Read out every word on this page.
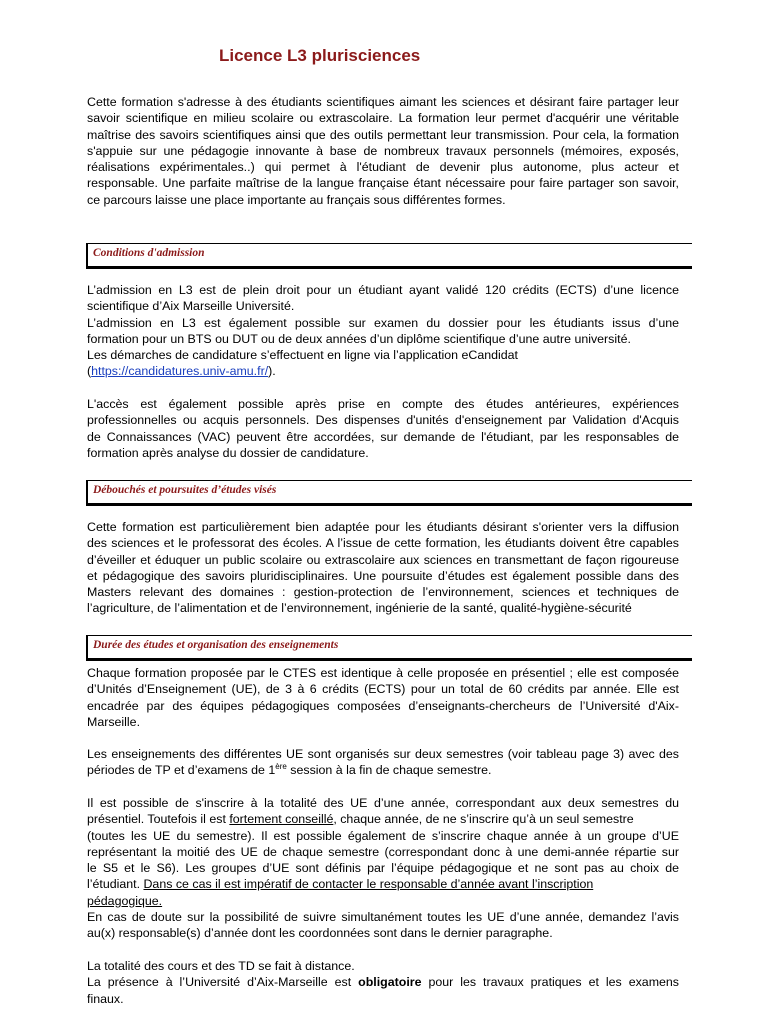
Licence L3 plurisciences

Cette formation s'adresse à des étudiants scientifiques aimant les sciences et désirant faire partager leur
savoir scientifique en milieu scolaire ou extrascolaire. La formation leur permet d'acquérir une véritable
maîtrise des savoirs scientifiques ainsi que des outils permettant leur transmission. Pour cela, la formation
s'appuie sur une pédagogie innovante à base de nombreux travaux personnels (mémoires, exposés,
réalisations expérimentales..) qui permet à l'étudiant de devenir plus autonome, plus acteur et
responsable. Une parfaite maîtrise de la langue française étant nécessaire pour faire partager son savoir,
ce parcours laisse une place importante au français sous différentes formes.

Conditions d'admission

L’admission en L3 est de plein droit pour un étudiant ayant validé 120 crédits (ECTS) d’une licence
scientifique d’Aix Marseille Université.
L’admission en L3 est également possible sur examen du dossier pour les étudiants issus d’une
formation pour un BTS ou DUT ou de deux années d’un diplôme scientifique d’une autre université.
Les démarches de candidature s’effectuent en ligne via l’application eCandidat
(https://candidatures.univ-amu.fr/).

L'accès est également possible après prise en compte des études antérieures, expériences
professionnelles ou acquis personnels. Des dispenses d'unités d'enseignement par Validation d'Acquis
de Connaissances (VAC) peuvent être accordées, sur demande de l'étudiant, par les responsables de
formation après analyse du dossier de candidature.

Débouchés et poursuites d’études visés

Cette formation est particulièrement bien adaptée pour les étudiants désirant s'orienter vers la diffusion
des sciences et le professorat des écoles. A l’issue de cette formation, les étudiants doivent être capables
d’éveiller et éduquer un public scolaire ou extrascolaire aux sciences en transmettant de façon rigoureuse
et pédagogique des savoirs pluridisciplinaires. Une poursuite d’études est également possible dans des
Masters relevant des domaines : gestion-protection de l’environnement, sciences et techniques de
l’agriculture, de l’alimentation et de l’environnement, ingénierie de la santé, qualité-hygiène-sécurité

Durée des études et organisation des enseignements

Chaque formation proposée par le CTES est identique à celle proposée en présentiel ; elle est composée
d’Unités d’Enseignement (UE), de 3 à 6 crédits (ECTS) pour un total de 60 crédits par année. Elle est
encadrée par des équipes pédagogiques composées d’enseignants-chercheurs de l’Université d'Aix-
Marseille.

Les enseignements des différentes UE sont organisés sur deux semestres (voir tableau page 3) avec des
périodes de TP et d’examens de 1ère session à la fin de chaque semestre.

Il est possible de s'inscrire à la totalité des UE d’une année, correspondant aux deux semestres du
présentiel. Toutefois il est fortement conseillé, chaque année, de ne s’inscrire qu’à un seul semestre
(toutes les UE du semestre). Il est possible également de s’inscrire chaque année à un groupe d’UE
représentant la moitié des UE de chaque semestre (correspondant donc à une demi-année répartie sur
le S5 et le S6). Les groupes d’UE sont définis par l’équipe pédagogique et ne sont pas au choix de
l’étudiant. Dans ce cas il est impératif de contacter le responsable d’année avant l’inscription
pédagogique.
En cas de doute sur la possibilité de suivre simultanément toutes les UE d’une année, demandez l’avis
au(x) responsable(s) d’année dont les coordonnées sont dans le dernier paragraphe.

La totalité des cours et des TD se fait à distance.
La présence à l’Université d’Aix-Marseille est obligatoire pour les travaux pratiques et les examens
finaux.
